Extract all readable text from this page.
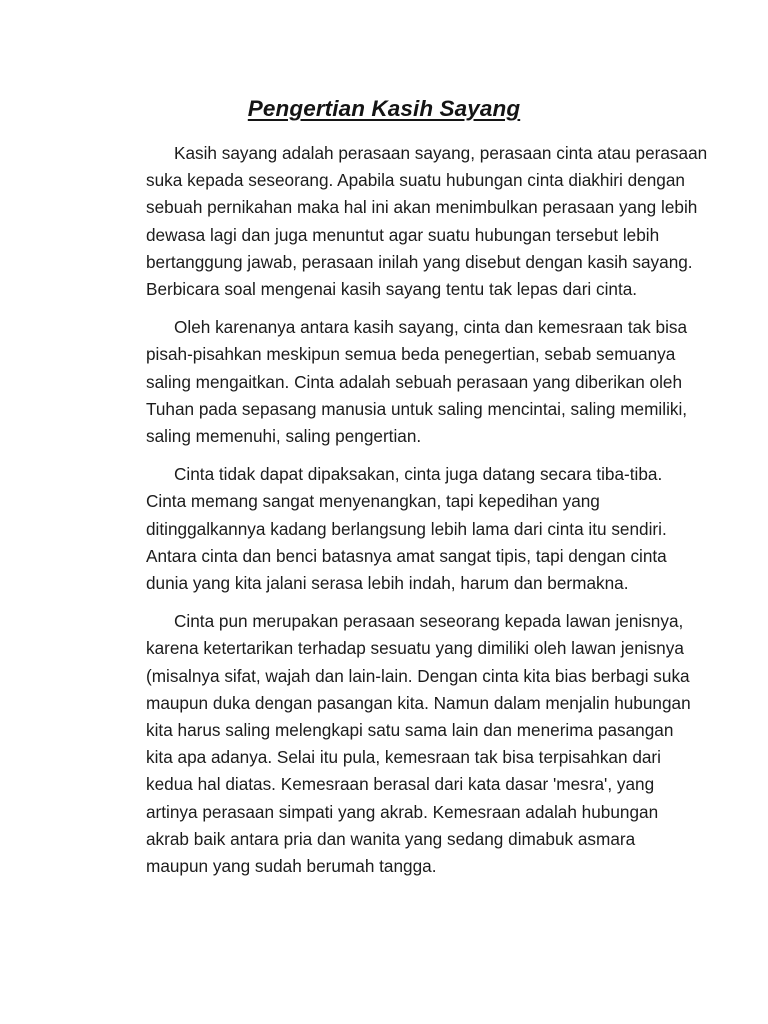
Pengertian Kasih Sayang

Kasih sayang adalah perasaan sayang, perasaan cinta atau perasaan
suka kepada seseorang. Apabila suatu hubungan cinta diakhiri dengan
sebuah pernikahan maka hal ini akan menimbulkan perasaan yang lebih
dewasa lagi dan juga menuntut agar suatu hubungan tersebut lebih
bertanggung jawab, perasaan inilah yang disebut dengan kasih sayang.
Berbicara soal mengenai kasih sayang tentu tak lepas dari cinta.

Oleh karenanya antara kasih sayang, cinta dan kemesraan tak bisa
pisah-pisahkan meskipun semua beda penegertian, sebab semuanya
saling mengaitkan. Cinta adalah sebuah perasaan yang diberikan oleh
Tuhan pada sepasang manusia untuk saling mencintai, saling memiliki,
saling memenuhi, saling pengertian.

Cinta tidak dapat dipaksakan, cinta juga datang secara tiba-tiba.
Cinta memang sangat menyenangkan, tapi kepedihan yang
ditinggalkannya kadang berlangsung lebih lama dari cinta itu sendiri.
Antara cinta dan benci batasnya amat sangat tipis, tapi dengan cinta
dunia yang kita jalani serasa lebih indah, harum dan bermakna.

Cinta pun merupakan perasaan seseorang kepada lawan jenisnya,
karena ketertarikan terhadap sesuatu yang dimiliki oleh lawan jenisnya
(misalnya sifat, wajah dan lain-lain. Dengan cinta kita bias berbagi suka
maupun duka dengan pasangan kita. Namun dalam menjalin hubungan
kita harus saling melengkapi satu sama lain dan menerima pasangan
kita apa adanya. Selai itu pula, kemesraan tak bisa terpisahkan dari
kedua hal diatas. Kemesraan berasal dari kata dasar 'mesra', yang
artinya perasaan simpati yang akrab. Kemesraan adalah hubungan
akrab baik antara pria dan wanita yang sedang dimabuk asmara
maupun yang sudah berumah tangga.
